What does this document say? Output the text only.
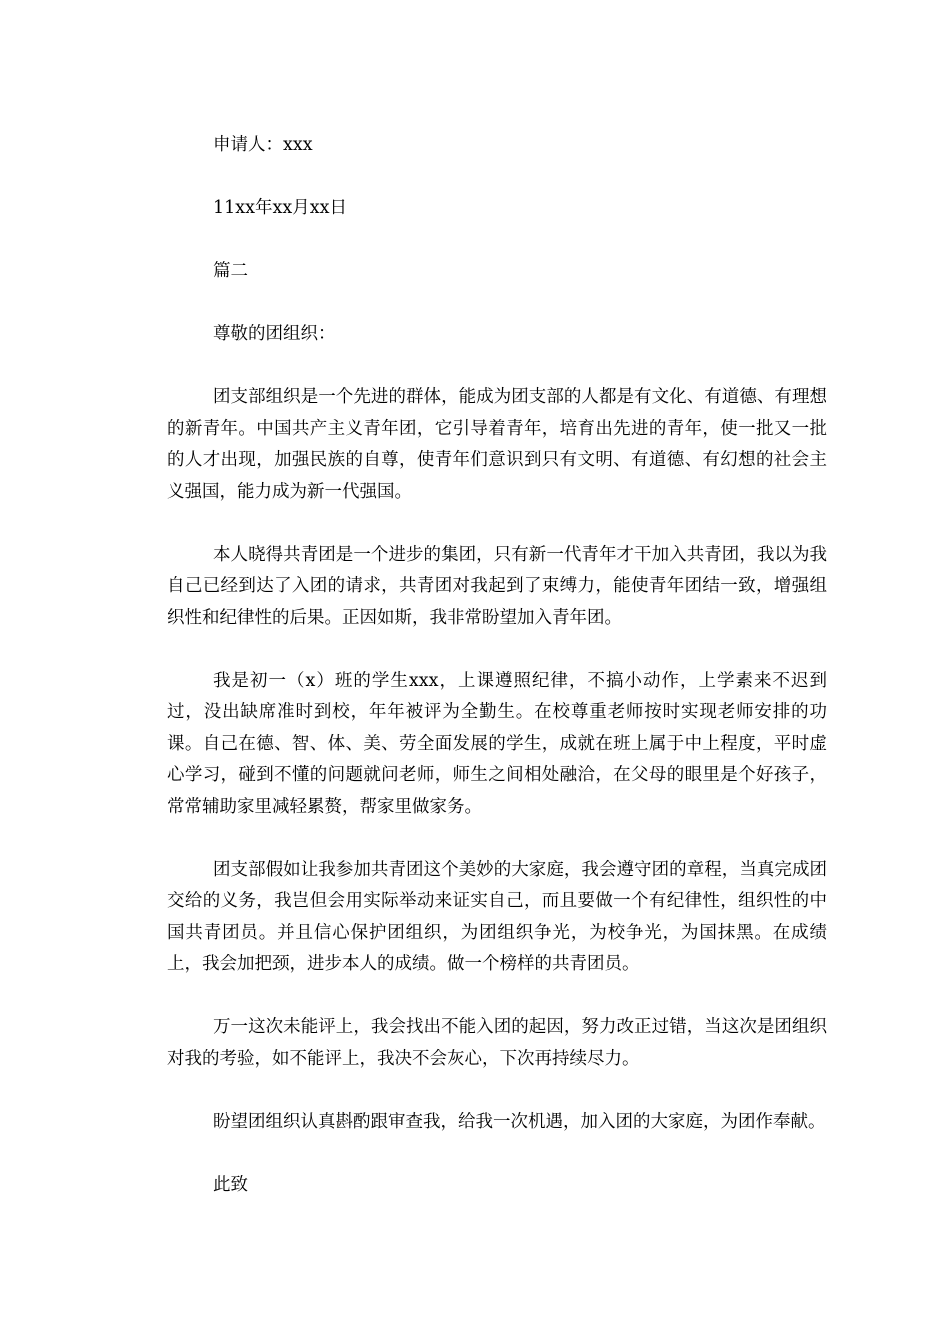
申请人：xxx

11xx年xx月xx日

篇二

尊敬的团组织：

团支部组织是一个先进的群体，能成为团支部的人都是有文化、有道德、有理想的新青年。中国共产主义青年团，它引导着青年，培育出先进的青年，使一批又一批的人才出现，加强民族的自尊，使青年们意识到只有文明、有道德、有幻想的社会主义强国，能力成为新一代强国。

本人晓得共青团是一个进步的集团，只有新一代青年才干加入共青团，我以为我自己已经到达了入团的请求，共青团对我起到了束缚力，能使青年团结一致，增强组织性和纪律性的后果。正因如斯，我非常盼望加入青年团。

我是初一（x）班的学生xxx，上课遵照纪律，不搞小动作，上学素来不迟到过，没出缺席准时到校，年年被评为全勤生。在校尊重老师按时实现老师安排的功课。自己在德、智、体、美、劳全面发展的学生，成就在班上属于中上程度，平时虚心学习，碰到不懂的问题就问老师，师生之间相处融洽，在父母的眼里是个好孩子，常常辅助家里减轻累赘，帮家里做家务。

团支部假如让我参加共青团这个美妙的大家庭，我会遵守团的章程，当真完成团交给的义务，我岂但会用实际举动来证实自己，而且要做一个有纪律性，组织性的中国共青团员。并且信心保护团组织，为团组织争光，为校争光，为国抹黑。在成绩上，我会加把颈，进步本人的成绩。做一个榜样的共青团员。

万一这次未能评上，我会找出不能入团的起因，努力改正过错，当这次是团组织对我的考验，如不能评上，我决不会灰心，下次再持续尽力。

盼望团组织认真斟酌跟审查我，给我一次机遇，加入团的大家庭，为团作奉献。

此致
